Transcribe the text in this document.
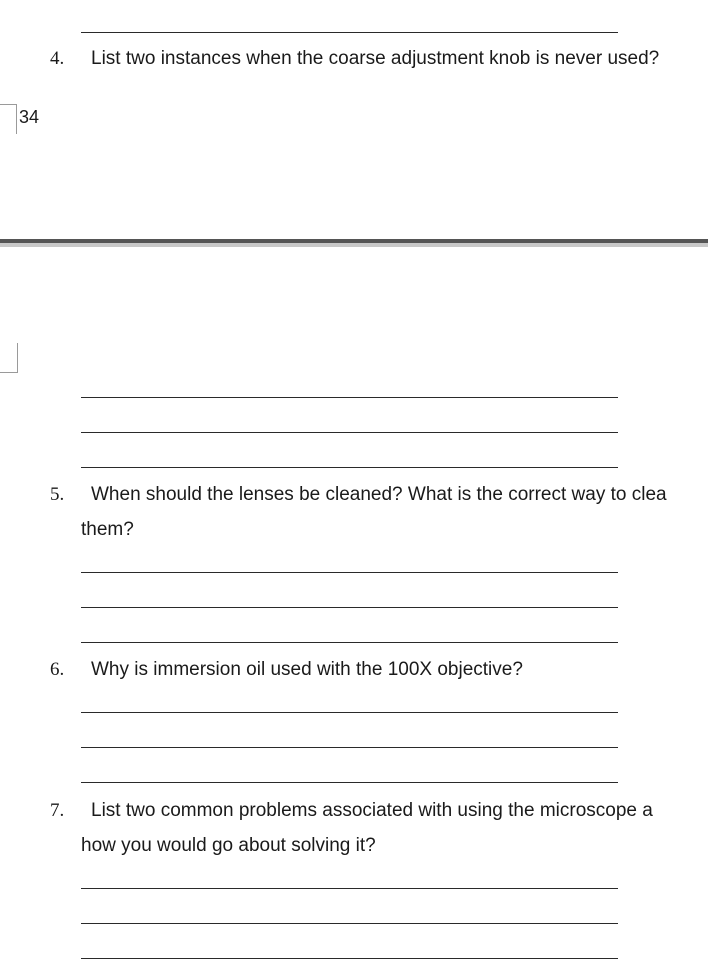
4. List two instances when the coarse adjustment knob is never used?
34
5. When should the lenses be cleaned? What is the correct way to clea
them?
6. Why is immersion oil used with the 100X objective?
7. List two common problems associated with using the microscope a
how you would go about solving it?
